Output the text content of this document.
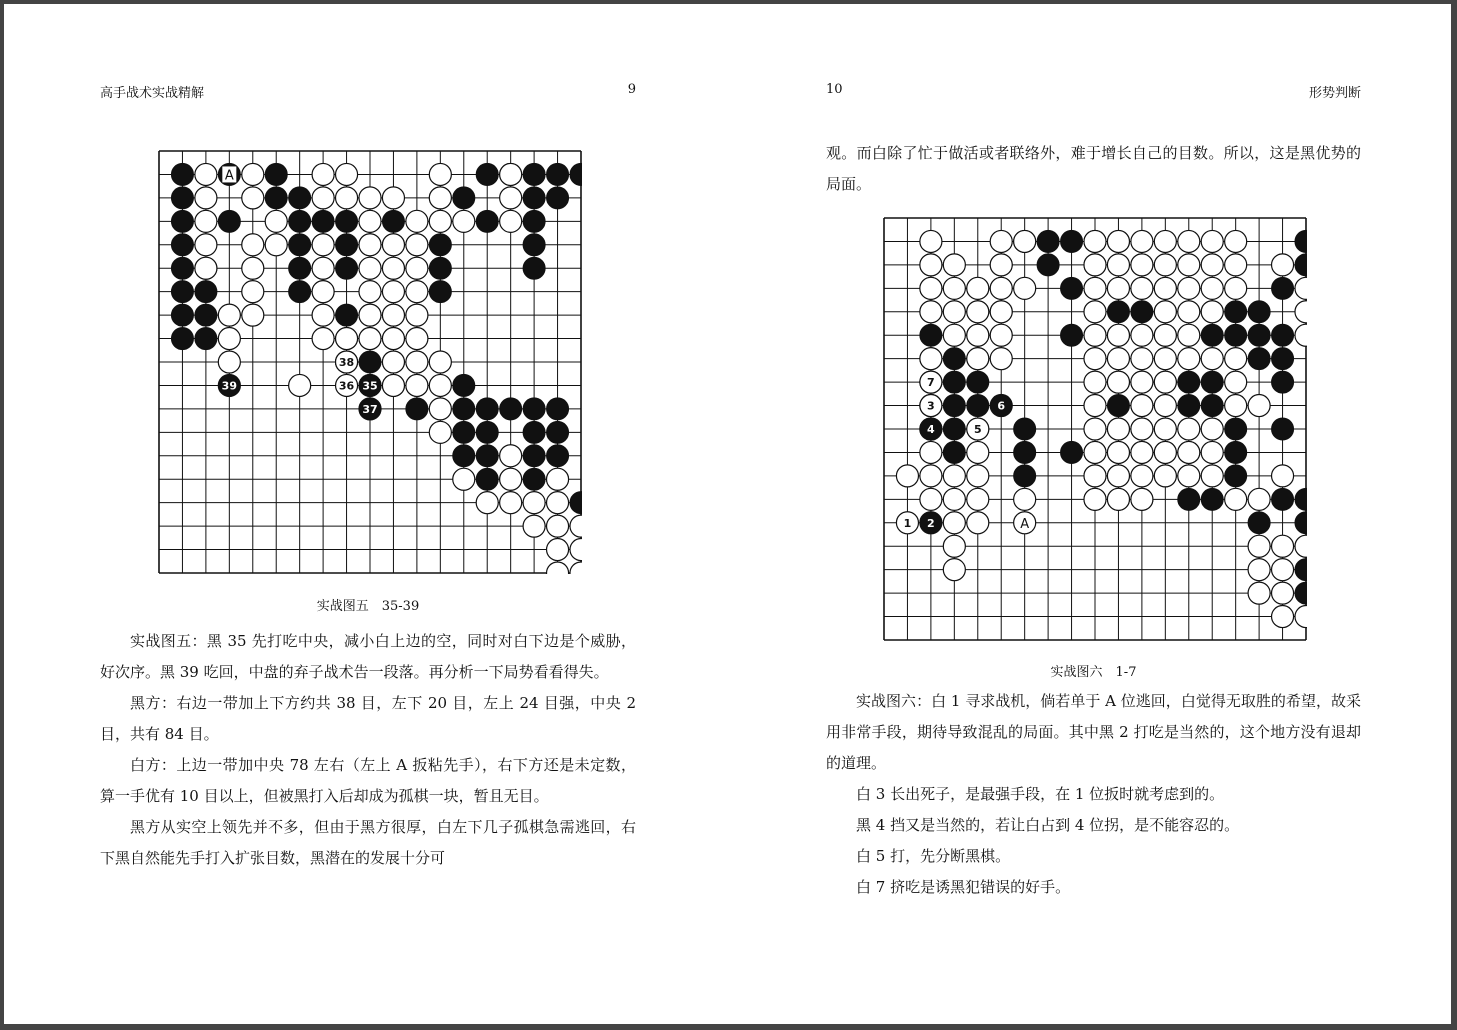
高手战术实战精解	9
38
36 35
37
39
A
实战图五　35-39

实战图五：黑 35 先打吃中央，减小白上边的空，同时对白下边是个威胁，好次序。黑 39 吃回，中盘的弃子战术告一段落。再分析一下局势看看得失。

黑方：右边一带加上下方约共 38 目，左下 20 目，左上 24 目强，中央 2 目，共有 84 目。

白方：上边一带加中央 78 左右（左上 A 扳粘先手），右下方还是未定数，算一手优有 10 目以上，但被黑打入后却成为孤棋一块，暂且无目。

黑方从实空上领先并不多，但由于黑方很厚，白左下几子孤棋急需逃回，右下黑自然能先手打入扩张目数，黑潜在的发展十分可

10	形势判断

观。而白除了忙于做活或者联络外，难于增长自己的目数。所以，这是黑优势的局面。

1 2
3
4	5
6
7
A
实战图六　1-7

实战图六：白 1 寻求战机，倘若单于 A 位逃回，白觉得无取胜的希望，故采用非常手段，期待导致混乱的局面。其中黑 2 打吃是当然的，这个地方没有退却的道理。

白 3 长出死子，是最强手段，在 1 位扳时就考虑到的。

黑 4 挡又是当然的，若让白占到 4 位拐，是不能容忍的。

白 5 打，先分断黑棋。

白 7 挤吃是诱黑犯错误的好手。
